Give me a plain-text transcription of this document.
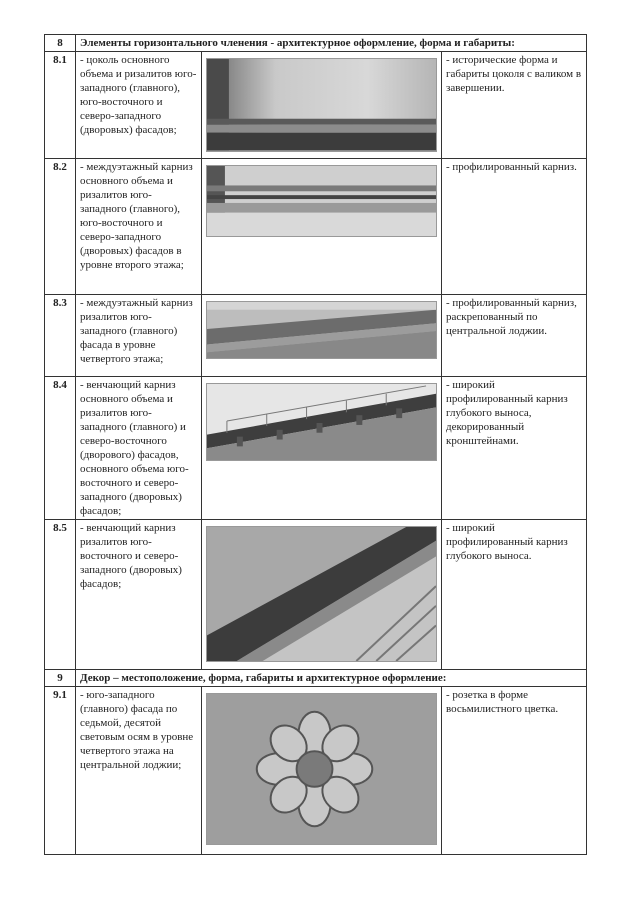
8	Элементы горизонтального членения - архитектурное оформление, форма и габариты:		
8.1	- цоколь основного объема и ризалитов юго-западного (главного), юго-восточного и северо-западного (дворовых) фасадов;		- исторические форма и габариты цоколя с валиком в завершении.
8.2	- междуэтажный карниз основного объема и ризалитов юго-западного (главного), юго-восточного и северо-западного (дворовых) фасадов в уровне второго этажа;		- профилированный карниз.
8.3	- междуэтажный карниз ризалитов юго-западного (главного) фасада в уровне четвертого этажа;		- профилированный карниз, раскрепованный по центральной лоджии.
8.4	- венчающий карниз основного объема и ризалитов юго-западного (главного) и северо-восточного (дворового) фасадов, основного объема юго-восточного и северо-западного (дворовых) фасадов;		- широкий профилированный карниз глубокого выноса, декорированный кронштейнами.
8.5	- венчающий карниз ризалитов юго-восточного и северо-западного (дворовых) фасадов;		- широкий профилированный карниз глубокого выноса.
9	Декор – местоположение, форма, габариты и архитектурное оформление:		
9.1	- юго-западного (главного) фасада по седьмой, десятой световым осям в уровне четвертого этажа на центральной лоджии;		- розетка в форме восьмилистного цветка.
